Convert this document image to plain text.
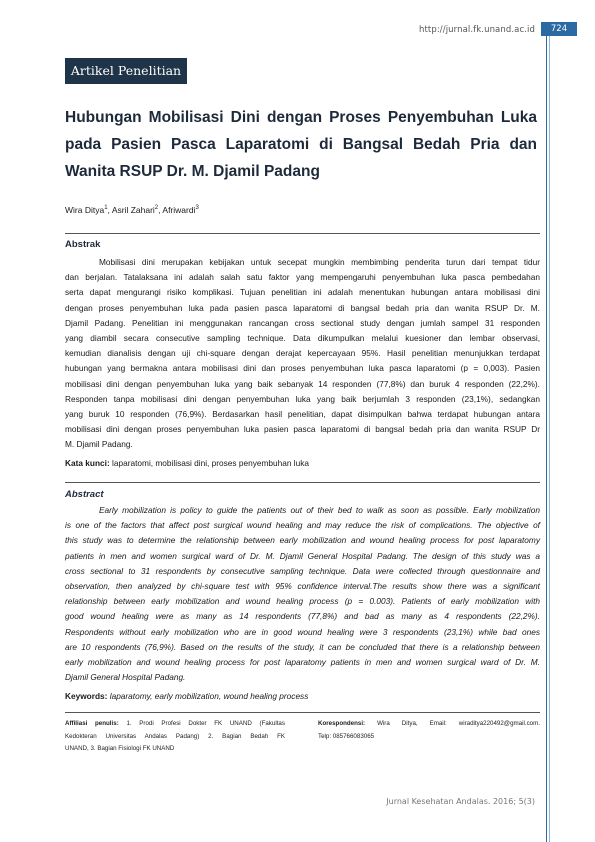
http://jurnal.fk.unand.ac.id	724
Artikel Penelitian
Hubungan Mobilisasi Dini dengan Proses Penyembuhan Luka pada Pasien Pasca Laparatomi di Bangsal Bedah Pria dan Wanita RSUP Dr. M. Djamil Padang
Wira Ditya$^1$, Asril Zahari$^2$, Afriwardi$^3$
Abstrak
Mobilisasi dini merupakan kebijakan untuk secepat mungkin membimbing penderita turun dari tempat tidur
dan berjalan. Tatalaksana ini adalah salah satu faktor yang mempengaruhi penyembuhan luka pasca pembedahan
serta dapat mengurangi risiko komplikasi. Tujuan penelitian ini adalah menentukan hubungan antara mobilisasi dini
dengan proses penyembuhan luka pada pasien pasca laparatomi di bangsal bedah pria dan wanita RSUP Dr. M.
Djamil Padang. Penelitian ini menggunakan rancangan cross sectional study dengan jumlah sampel 31 responden
yang diambil secara consecutive sampling technique. Data dikumpulkan melalui kuesioner dan lembar observasi,
kemudian dianalisis dengan uji chi-square dengan derajat kepercayaan 95%. Hasil penelitian menunjukkan terdapat
hubungan yang bermakna antara mobilisasi dini dan proses penyembuhan luka pasca laparatomi (p = 0,003). Pasien
mobilisasi dini dengan penyembuhan luka yang baik sebanyak 14 responden (77,8%) dan buruk 4 responden (22,2%).
Responden tanpa mobilisasi dini dengan penyembuhan luka yang baik berjumlah 3 responden (23,1%), sedangkan
yang buruk 10 responden (76,9%). Berdasarkan hasil penelitian, dapat disimpulkan bahwa terdapat hubungan antara
mobilisasi dini dengan proses penyembuhan luka pasien pasca laparatomi di bangsal bedah pria dan wanita RSUP Dr
M. Djamil Padang.
Kata kunci: laparatomi, mobilisasi dini, proses penyembuhan luka
Abstract
Early mobilization is policy to guide the patients out of their bed to walk as soon as possible. Early mobilization
is one of the factors that affect post surgical wound healing and may reduce the risk of complications. The objective of
this study was to determine the relationship between early mobilization and wound healing process for post laparatomy
patients in men and women surgical ward of Dr. M. Djamil General Hospital Padang. The design of this study was a
cross sectional to 31 respondents by consecutive sampling technique. Data were collected through questionnaire and
observation, then analyzed by chi-square test with 95% confidence interval.The results show there was a significant
relationship between early mobilization and wound healing process (p = 0.003). Patients of early mobilization with
good wound healing were as many as 14 respondents (77,8%) and bad as many as 4 respondents (22,2%).
Respondents without early mobilization who are in good wound healing were 3 respondents (23,1%) while bad ones
are 10 respondents (76,9%). Based on the results of the study, it can be concluded that there is a relationship between
early mobilization and wound healing process for post laparatomy patients in men and women surgical ward of Dr. M.
Djamil General Hospital Padang.
Keywords: laparatomy, early mobilization, wound healing process
Affiliasi penulis: 1. Prodi Profesi Dokter FK UNAND (Fakultas
Kedokteran Universitas Andalas Padang) 2. Bagian Bedah FK
UNAND, 3. Bagian Fisiologi FK UNAND
Korespondensi: Wira Ditya, Email: wiraditya220492@gmail.com.
Telp: 085766083065
Jurnal Kesehatan Andalas. 2016; 5(3)
